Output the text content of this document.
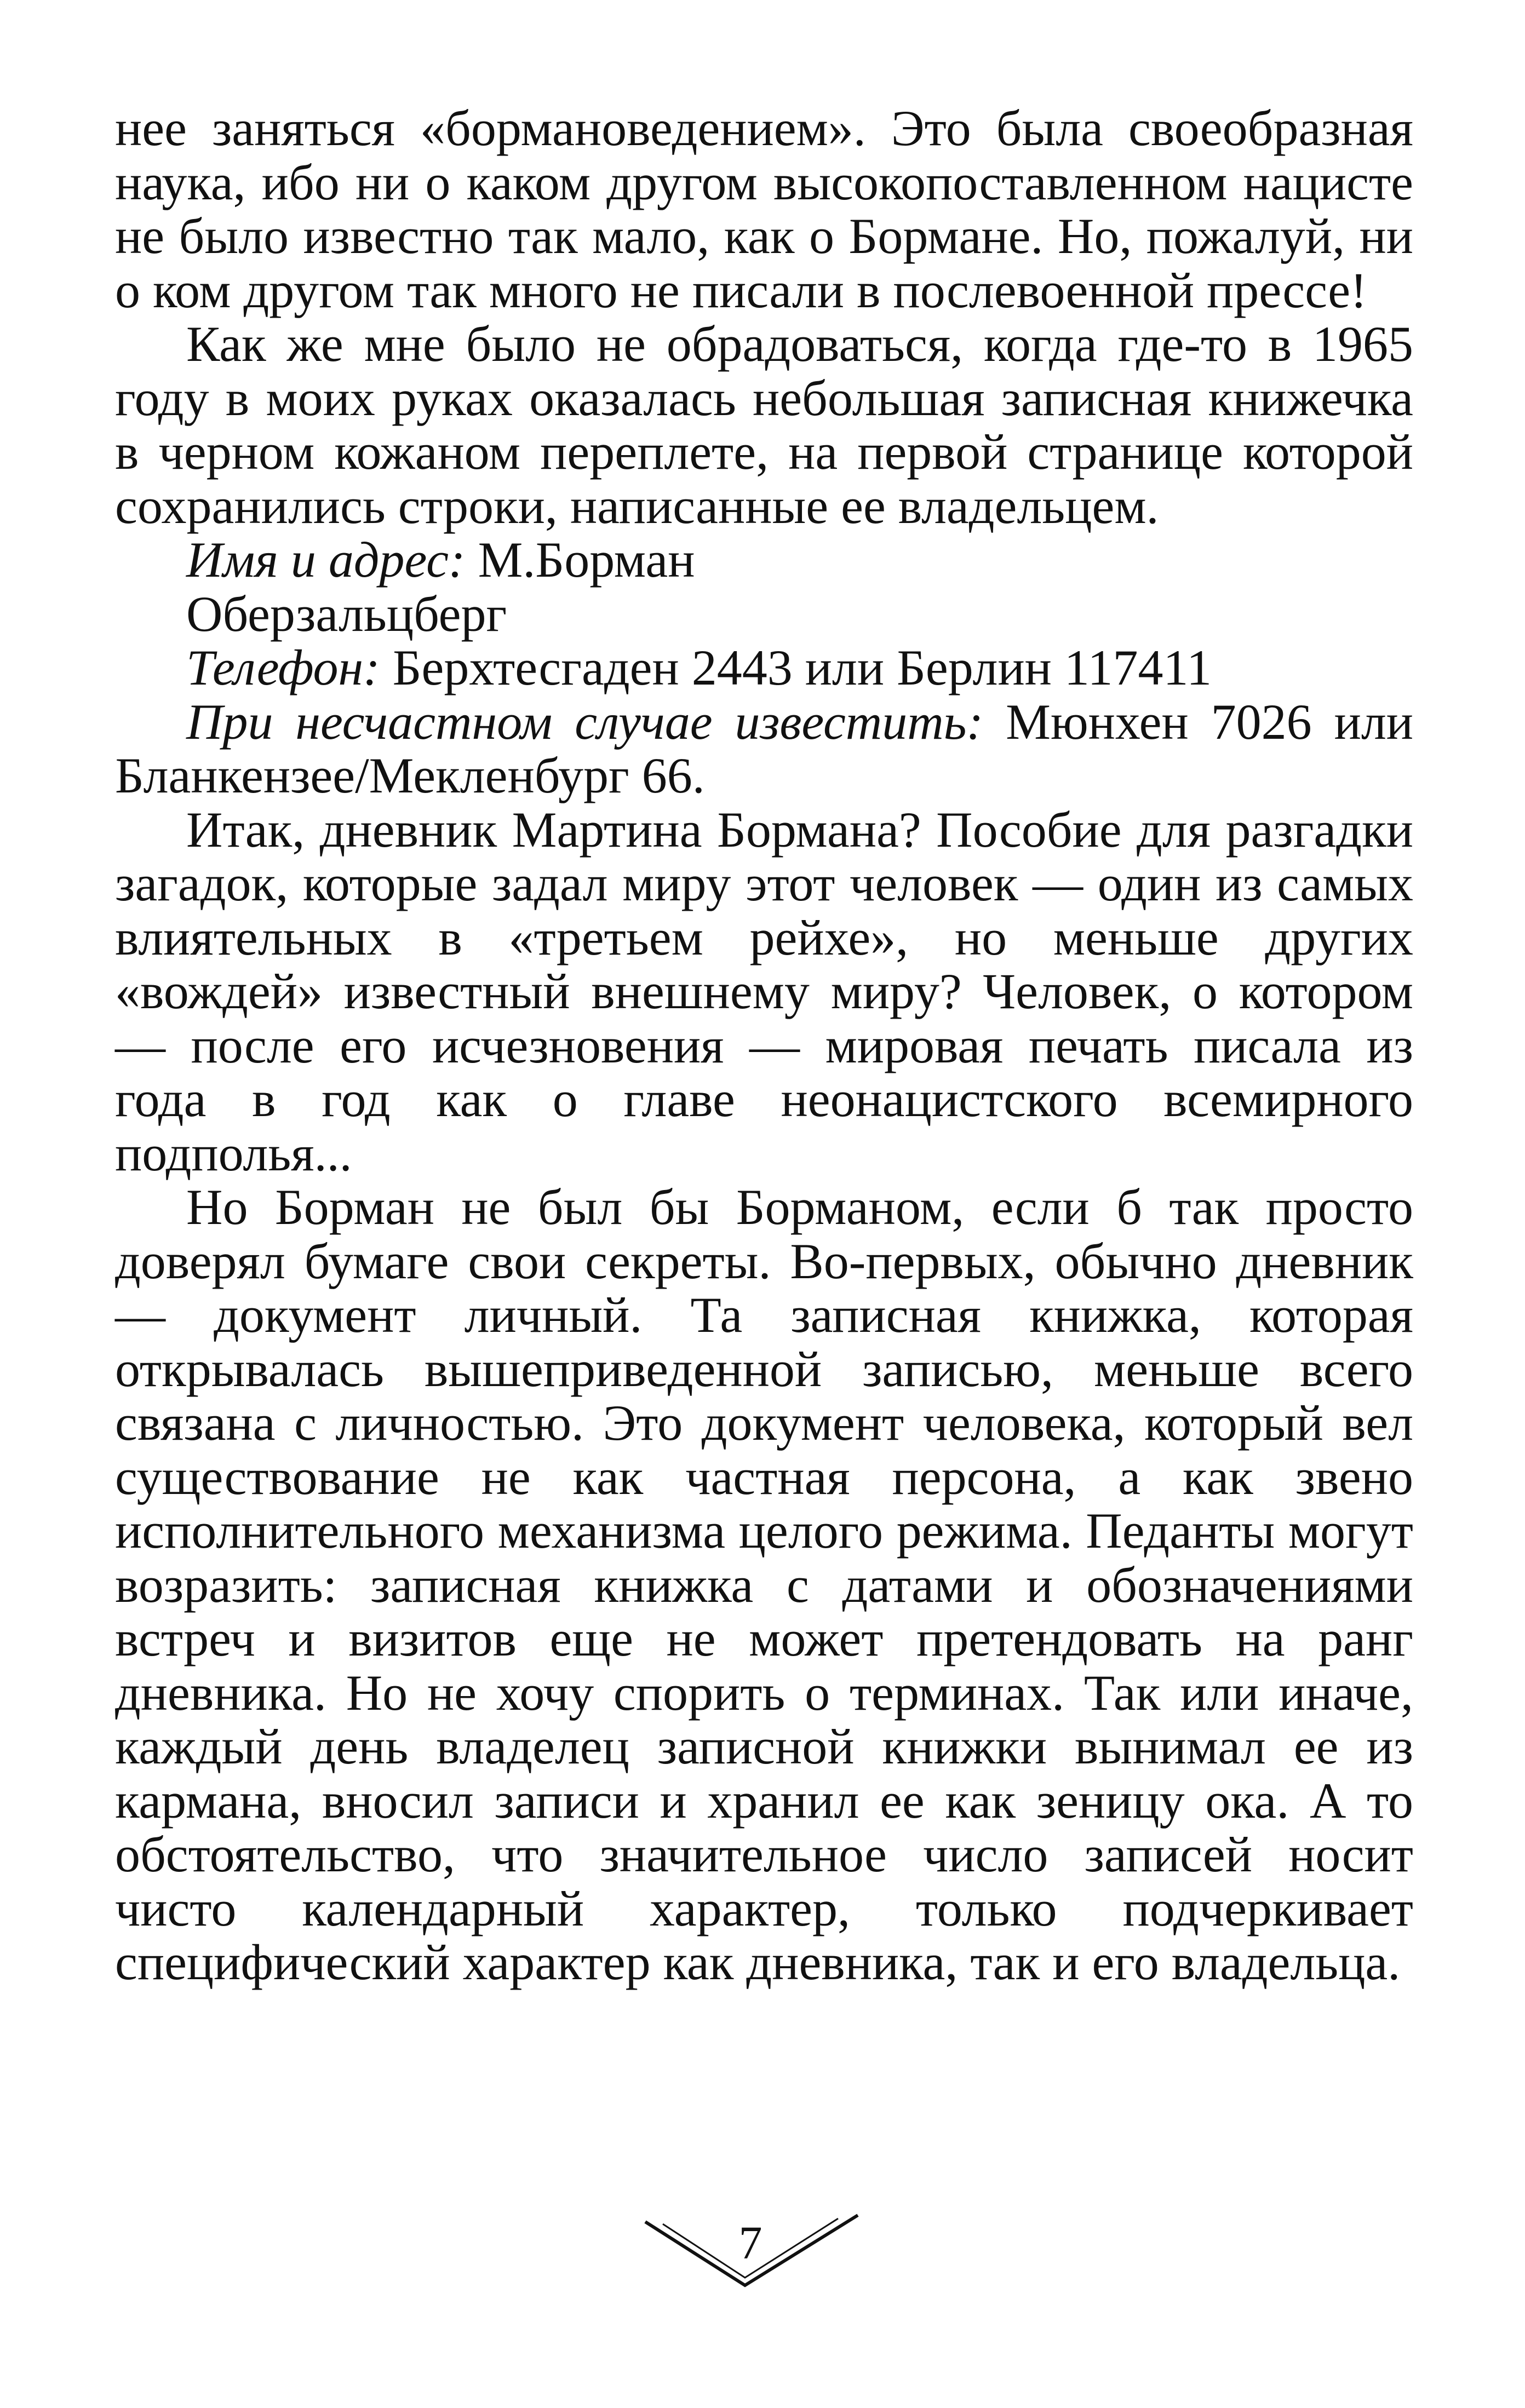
нее заняться «бормановедением». Это была своеобразная наука, ибо ни о каком другом высокопоставленном нацисте не было известно так мало, как о Бормане. Но, пожалуй, ни о ком другом так много не писали в послевоенной прессе!

Как же мне было не обрадоваться, когда где-то в 1965 году в моих руках оказалась небольшая записная книжечка в черном кожаном переплете, на первой странице которой сохранились строки, написанные ее владельцем.

Имя и адрес: М.Борман

Оберзальцберг

Телефон: Берхтесгаден 2443 или Берлин 117411

При несчастном случае известить: Мюнхен 7026 или Бланкензее/Мекленбург 66.

Итак, дневник Мартина Бормана? Пособие для разгадки загадок, которые задал миру этот человек — один из самых влиятельных в «третьем рейхе», но меньше других «вождей» известный внешнему миру? Человек, о котором — после его исчезновения — мировая печать писала из года в год как о главе неонацистского всемирного подполья...

Но Борман не был бы Борманом, если б так просто доверял бумаге свои секреты. Во-первых, обычно дневник — документ личный. Та записная книжка, которая открывалась вышеприведенной записью, меньше всего связана с личностью. Это документ человека, который вел существование не как частная персона, а как звено исполнительного механизма целого режима. Педанты могут возразить: записная книжка с датами и обозначениями встреч и визитов еще не может претендовать на ранг дневника. Но не хочу спорить о терминах. Так или иначе, каждый день владелец записной книжки вынимал ее из кармана, вносил записи и хранил ее как зеницу ока. А то обстоятельство, что значительное число записей носит чисто календарный характер, только подчеркивает специфический характер как дневника, так и его владельца.

7
